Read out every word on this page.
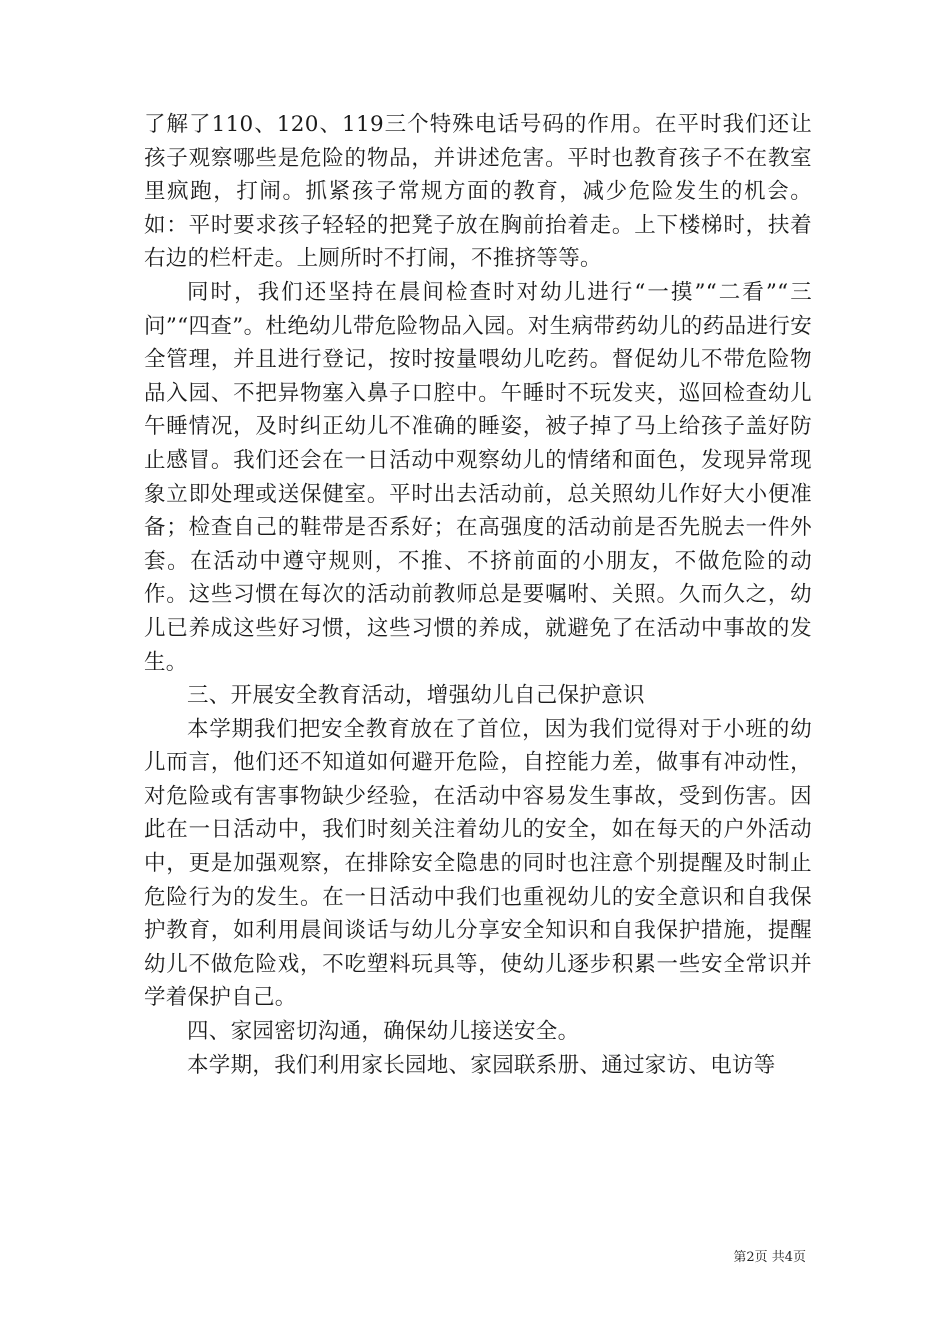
了解了110、120、119三个特殊电话号码的作用。在平时我们还让孩子观察哪些是危险的物品，并讲述危害。平时也教育孩子不在教室里疯跑，打闹。抓紧孩子常规方面的教育，减少危险发生的机会。如：平时要求孩子轻轻的把凳子放在胸前抬着走。上下楼梯时，扶着右边的栏杆走。上厕所时不打闹，不推挤等等。

同时，我们还坚持在晨间检查时对幼儿进行“一摸”“二看”“三问”“四查”。杜绝幼儿带危险物品入园。对生病带药幼儿的药品进行安全管理，并且进行登记，按时按量喂幼儿吃药。督促幼儿不带危险物品入园、不把异物塞入鼻子口腔中。午睡时不玩发夹，巡回检查幼儿午睡情况，及时纠正幼儿不准确的睡姿，被子掉了马上给孩子盖好防止感冒。我们还会在一日活动中观察幼儿的情绪和面色，发现异常现象立即处理或送保健室。平时出去活动前，总关照幼儿作好大小便准备；检查自己的鞋带是否系好；在高强度的活动前是否先脱去一件外套。在活动中遵守规则，不推、不挤前面的小朋友，不做危险的动作。这些习惯在每次的活动前教师总是要嘱咐、关照。久而久之，幼儿已养成这些好习惯，这些习惯的养成，就避免了在活动中事故的发生。

三、开展安全教育活动，增强幼儿自己保护意识

本学期我们把安全教育放在了首位，因为我们觉得对于小班的幼儿而言，他们还不知道如何避开危险，自控能力差，做事有冲动性，对危险或有害事物缺少经验，在活动中容易发生事故，受到伤害。因此在一日活动中，我们时刻关注着幼儿的安全，如在每天的户外活动中，更是加强观察，在排除安全隐患的同时也注意个别提醒及时制止危险行为的发生。在一日活动中我们也重视幼儿的安全意识和自我保护教育，如利用晨间谈话与幼儿分享安全知识和自我保护措施，提醒幼儿不做危险戏，不吃塑料玩具等，使幼儿逐步积累一些安全常识并学着保护自己。

四、家园密切沟通，确保幼儿接送安全。

本学期，我们利用家长园地、家园联系册、通过家访、电访等

第2页 共4页
